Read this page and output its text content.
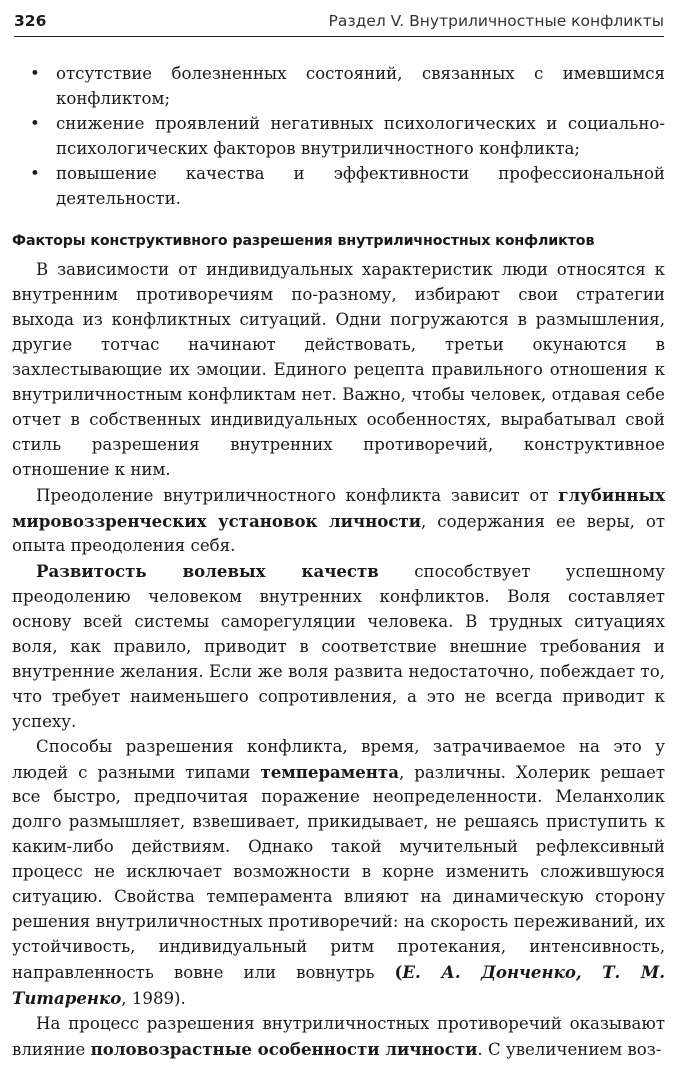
326	Раздел V. Внутриличностные конфликты
• отсутствие болезненных состояний, связанных с имевшимся конфликтом;
• снижение проявлений негативных психологических и социально-психологических факторов внутриличностного конфликта;
• повышение качества и эффективности профессиональной деятельности.
Факторы конструктивного разрешения внутриличностных конфликтов

В зависимости от индивидуальных характеристик люди относятся к внутренним противоречиям по-разному, избирают свои стратегии выхода из конфликтных ситуаций. Одни погружаются в размышления, другие тотчас начинают действовать, третьи окунаются в захлестывающие их эмоции. Единого рецепта правильного отношения к внутриличностным конфликтам нет. Важно, чтобы человек, отдавая себе отчет в собственных индивидуальных особенностях, вырабатывал свой стиль разрешения внутренних противоречий, конструктивное отношение к ним.

Преодоление внутриличностного конфликта зависит от глубинных мировоззренческих установок личности, содержания ее веры, от опыта преодоления себя.

Развитость волевых качеств способствует успешному преодолению человеком внутренних конфликтов. Воля составляет основу всей системы саморегуляции человека. В трудных ситуациях воля, как правило, приводит в соответствие внешние требования и внутренние желания. Если же воля развита недостаточно, побеждает то, что требует наименьшего сопротивления, а это не всегда приводит к успеху.

Способы разрешения конфликта, время, затрачиваемое на это у людей с разными типами темперамента, различны. Холерик решает все быстро, предпочитая поражение неопределенности. Меланхолик долго размышляет, взвешивает, прикидывает, не решаясь приступить к каким-либо действиям. Однако такой мучительный рефлексивный процесс не исключает возможности в корне изменить сложившуюся ситуацию. Свойства темперамента влияют на динамическую сторону решения внутриличностных противоречий: на скорость переживаний, их устойчивость, индивидуальный ритм протекания, интенсивность, направленность вовне или вовнутрь (Е. А. Донченко, Т. М. Титаренко, 1989).

На процесс разрешения внутриличностных противоречий оказывают влияние половозрастные особенности личности. С увеличением воз-
